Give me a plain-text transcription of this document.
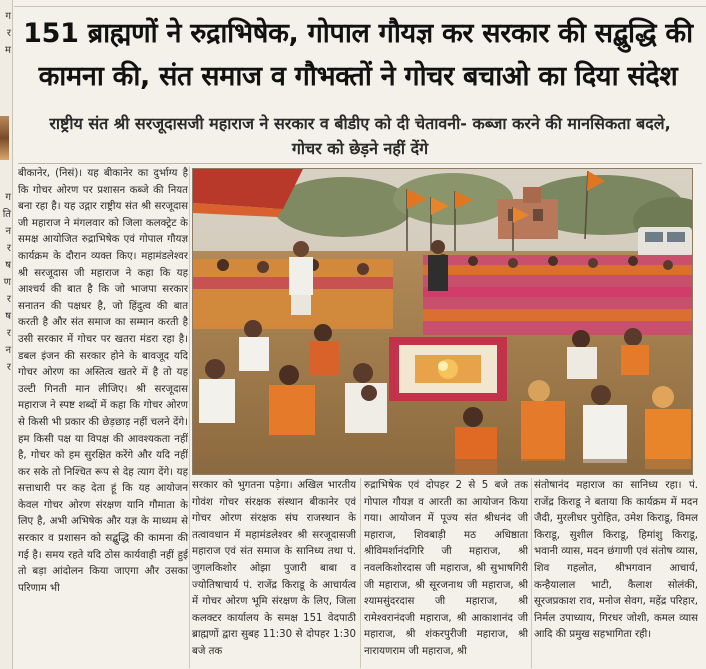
ग
र
म
ग
ति
न
र
ष
ण
र
ष
र
न
र
151 ब्राह्मणों ने रुद्राभिषेक, गोपाल गौयज्ञ कर सरकार की सद्बुद्धि की कामना की, संत समाज व गौभक्तों ने गोचर बचाओ का दिया संदेश
राष्ट्रीय संत श्री सरजूदासजी महाराज ने सरकार व बीडीए को दी चेतावनी- कब्जा करने की मानसिकता बदले, गोचर को छेड़ने नहीं देंगे

बीकानेर, (निसं)। यह बीकानेर का दुर्भाग्य है कि गोचर ओरण पर प्रशासन कब्जे की नियत बना रहा है। यह उद्गार राष्ट्रीय संत श्री सरजूदास जी महाराज ने मंगलवार को जिला कलक्ट्रेट के समक्ष आयोजित रुद्राभिषेक एवं गोपाल गौयज्ञ कार्यक्रम के दौरान व्यक्त किए। महामंडलेश्वर श्री सरजूदास जी महाराज ने कहा कि यह आश्चर्य की बात है कि जो भाजपा सरकार सनातन की पक्षधर है, जो हिंदुत्व की बात करती है और संत समाज का सम्मान करती है उसी सरकार में गोचर पर खतरा मंडरा रहा है। डबल इंजन की सरकार होने के बावजूद यदि गोचर ओरण का अस्तित्व खतरे में है तो यह उल्टी गिनती मान लीजिए। श्री सरजूदास महाराज ने स्पष्ट शब्दों में कहा कि गोचर ओरण से किसी भी प्रकार की छेड़छाड़ नहीं चलने देंगे। हम किसी पक्ष या विपक्ष की आवश्यकता नहीं है, गोचर को हम सुरक्षित करेंगे और यदि नहीं कर सके तो निश्चित रूप से देह त्याग देंगे। यह सत्ताधारी पर कह देता हूं कि यह आयोजन केवल गोचर ओरण संरक्षण यानि गौमाता के लिए है, अभी अभिषेक और यज्ञ के माध्यम से सरकार व प्रशासन को सद्बुद्धि की कामना की गई है। समय रहते यदि ठोस कार्यवाही नहीं हुई तो बड़ा आंदोलन किया जाएगा और उसका परिणाम भी

सरकार को भुगतना पड़ेगा। अखिल भारतीय गोवंश गोचर संरक्षक संस्थान बीकानेर एवं गोचर ओरण संरक्षक संघ राजस्थान के तत्वावधान में महामंडलेश्वर श्री सरजूदासजी महाराज एवं संत समाज के सानिध्य तथा पं. जुगलकिशोर ओझा पुजारी बाबा व ज्योतिषाचार्य पं. राजेंद्र किराडू के आचार्यत्व में गोचर ओरण भूमि संरक्षण के लिए, जिला कलक्टर कार्यालय के समक्ष 151 वेदपाठी ब्राह्मणों द्वारा सुबह 11:30 से दोपहर 1:30 बजे तक

रुद्राभिषेक एवं दोपहर 2 से 5 बजे तक गोपाल गौयज्ञ व आरती का आयोजन किया गया। आयोजन में पूज्य संत श्रीधनंद जी महाराज, शिवबाड़ी मठ अधिष्ठाता श्रीविमर्शानंदगिरि जी महाराज, श्री नवलकिशोरदास जी महाराज, श्री सुभाषगिरी जी महाराज, श्री सूरजनाथ जी महाराज, श्री श्यामसुंदरदास जी महाराज, श्री रामेश्वरानंदजी महाराज, श्री आकाशानंद जी महाराज, श्री शंकरपुरीजी महाराज, श्री नारायणराम जी महाराज, श्री

संतोषानंद महाराज का सानिध्य रहा। पं. राजेंद्र किराडू ने बताया कि कार्यक्रम में मदन जैदी, मुरलीधर पुरोहित, उमेश किराडू, विमल किराडू, सुशील किराडू, हिमांशु किराडू, भवानी व्यास, मदन छंगाणी एवं संतोष व्यास, शिव गहलोत, श्रीभगवान आचार्य, कन्हैयालाल भाटी, कैलाश सोलंकी, सूरजप्रकाश राव, मनोज सेवग, महेंद्र परिहार, निर्मल उपाध्याय, गिरधर जोशी, कमल व्यास आदि की प्रमुख सहभागिता रही।
